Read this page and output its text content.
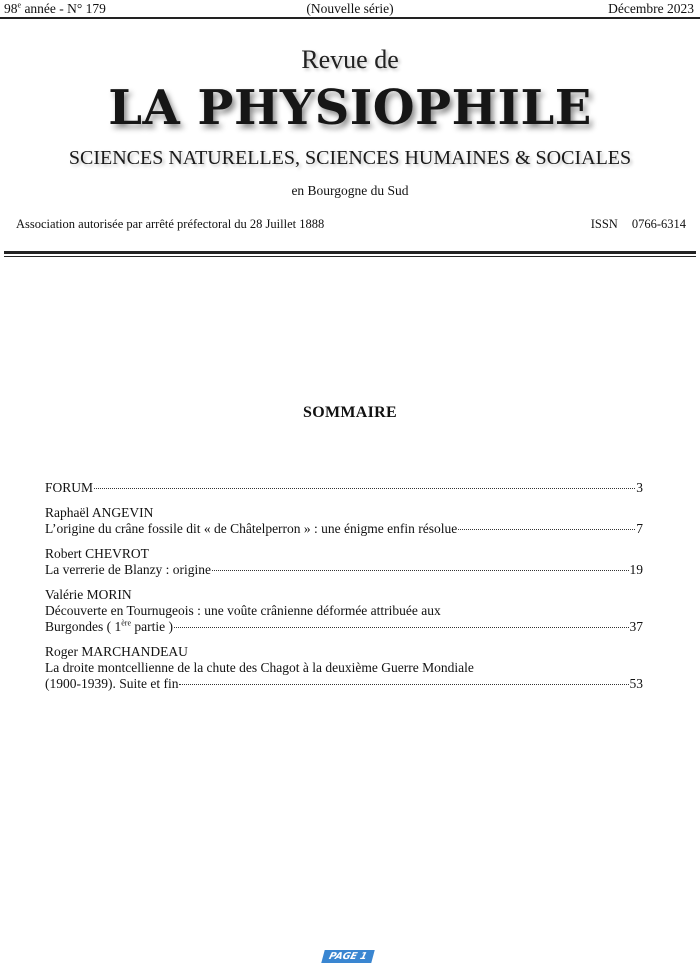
98e année - N° 179	(Nouvelle série)	Décembre 2023
Revue de
LA PHYSIOPHILE
SCIENCES NATURELLES, SCIENCES HUMAINES & SOCIALES
en Bourgogne du Sud
Association autorisée par arrêté préfectoral du 28 Juillet 1888	ISSN 0766-6314
SOMMAIRE
FORUM	3
Raphaël ANGEVIN
L’origine du crâne fossile dit « de Châtelperron » : une énigme enfin résolue	7
Robert CHEVROT
La verrerie de Blanzy : origine	19
Valérie MORIN
Découverte en Tournugeois : une voûte crânienne déformée attribuée aux
Burgondes ( 1ère partie )	37
Roger MARCHANDEAU
La droite montcellienne de la chute des Chagot à la deuxième Guerre Mondiale
(1900-1939). Suite et fin	53
PAGE 1
